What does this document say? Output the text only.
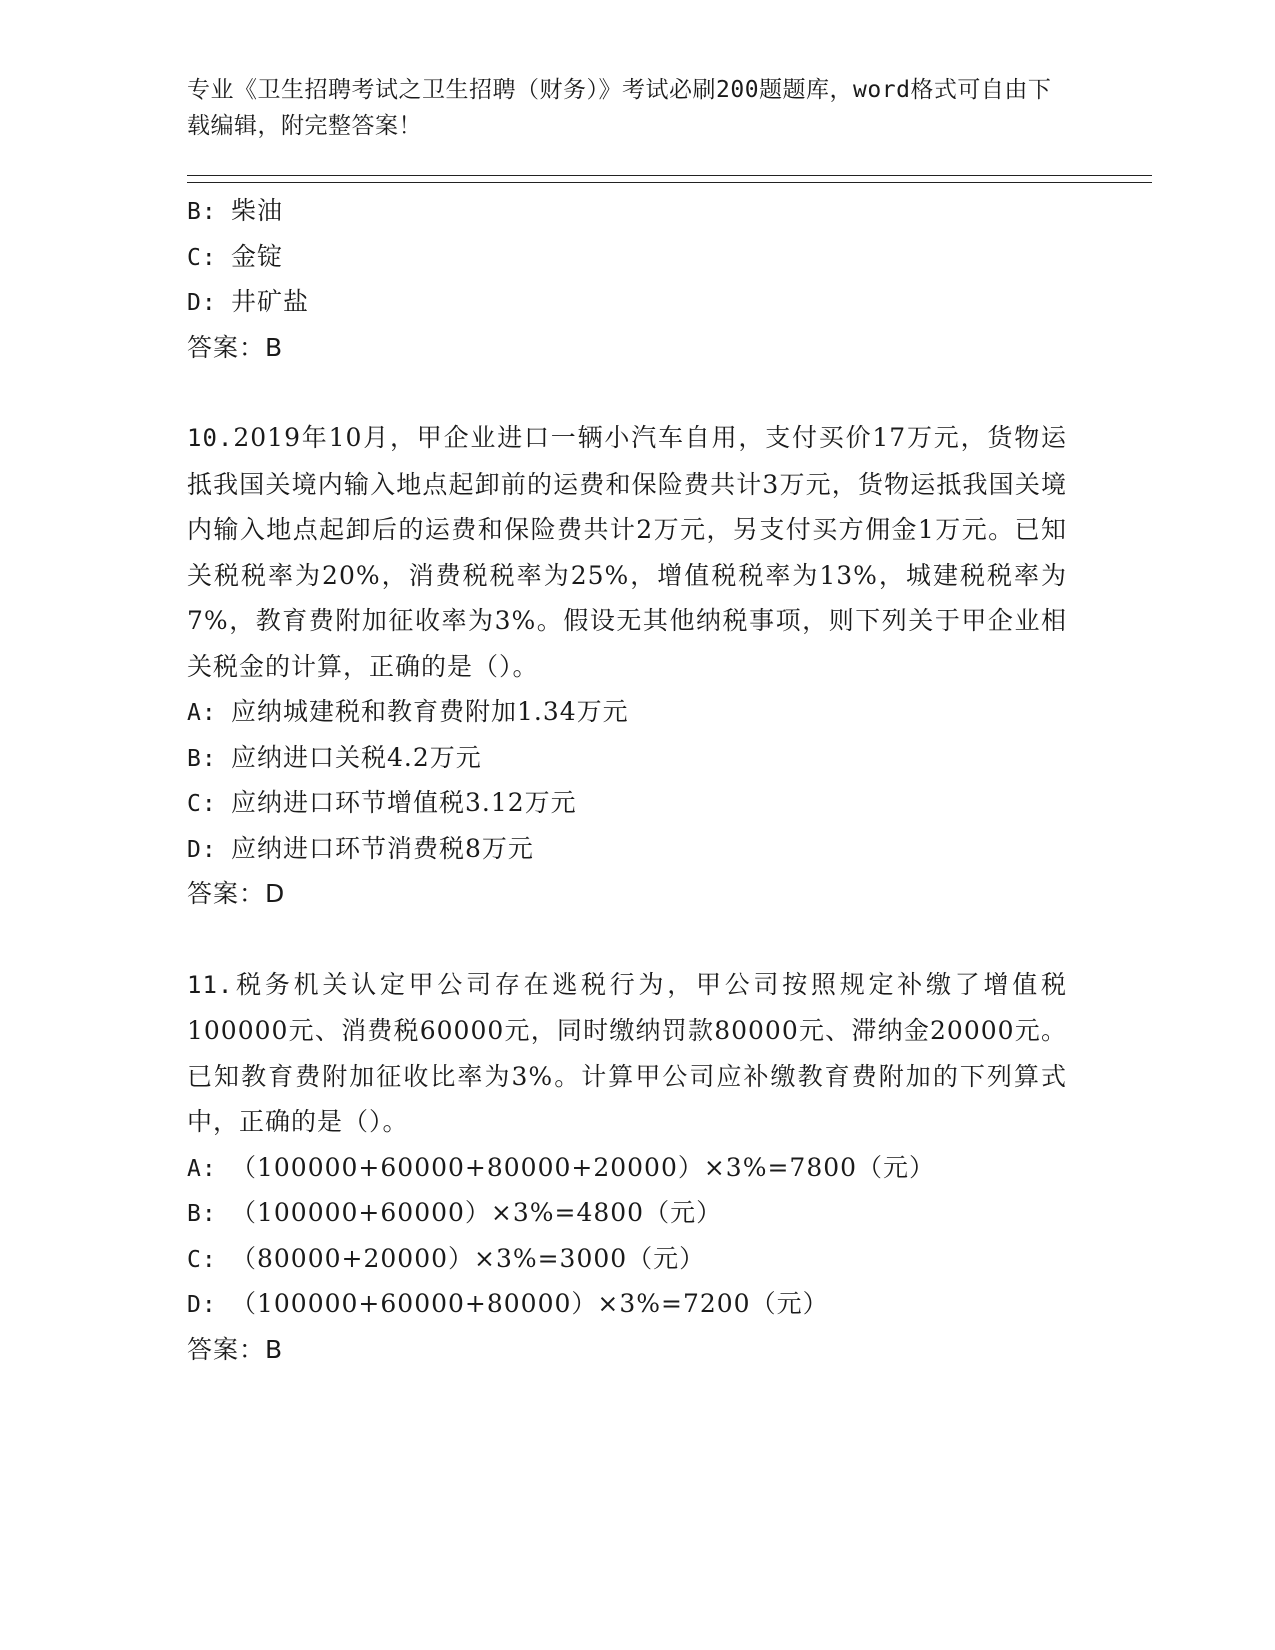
专业《卫生招聘考试之卫生招聘（财务）》考试必刷200题题库，word格式可自由下载编辑，附完整答案！
B: 柴油
C: 金锭
D: 井矿盐
答案：B
10.2019年10月，甲企业进口一辆小汽车自用，支付买价17万元，货物运抵我国关境内输入地点起卸前的运费和保险费共计3万元，货物运抵我国关境内输入地点起卸后的运费和保险费共计2万元，另支付买方佣金1万元。已知关税税率为20%，消费税税率为25%，增值税税率为13%，城建税税率为7%，教育费附加征收率为3%。假设无其他纳税事项，则下列关于甲企业相关税金的计算，正确的是（）。
A: 应纳城建税和教育费附加1.34万元
B: 应纳进口关税4.2万元
C: 应纳进口环节增值税3.12万元
D: 应纳进口环节消费税8万元
答案：D
11.税务机关认定甲公司存在逃税行为，甲公司按照规定补缴了增值税100000元、消费税60000元，同时缴纳罚款80000元、滞纳金20000元。已知教育费附加征收比率为3%。计算甲公司应补缴教育费附加的下列算式中，正确的是（）。
A: （100000+60000+80000+20000）×3%=7800（元）
B: （100000+60000）×3%=4800（元）
C: （80000+20000）×3%=3000（元）
D: （100000+60000+80000）×3%=7200（元）
答案：B
